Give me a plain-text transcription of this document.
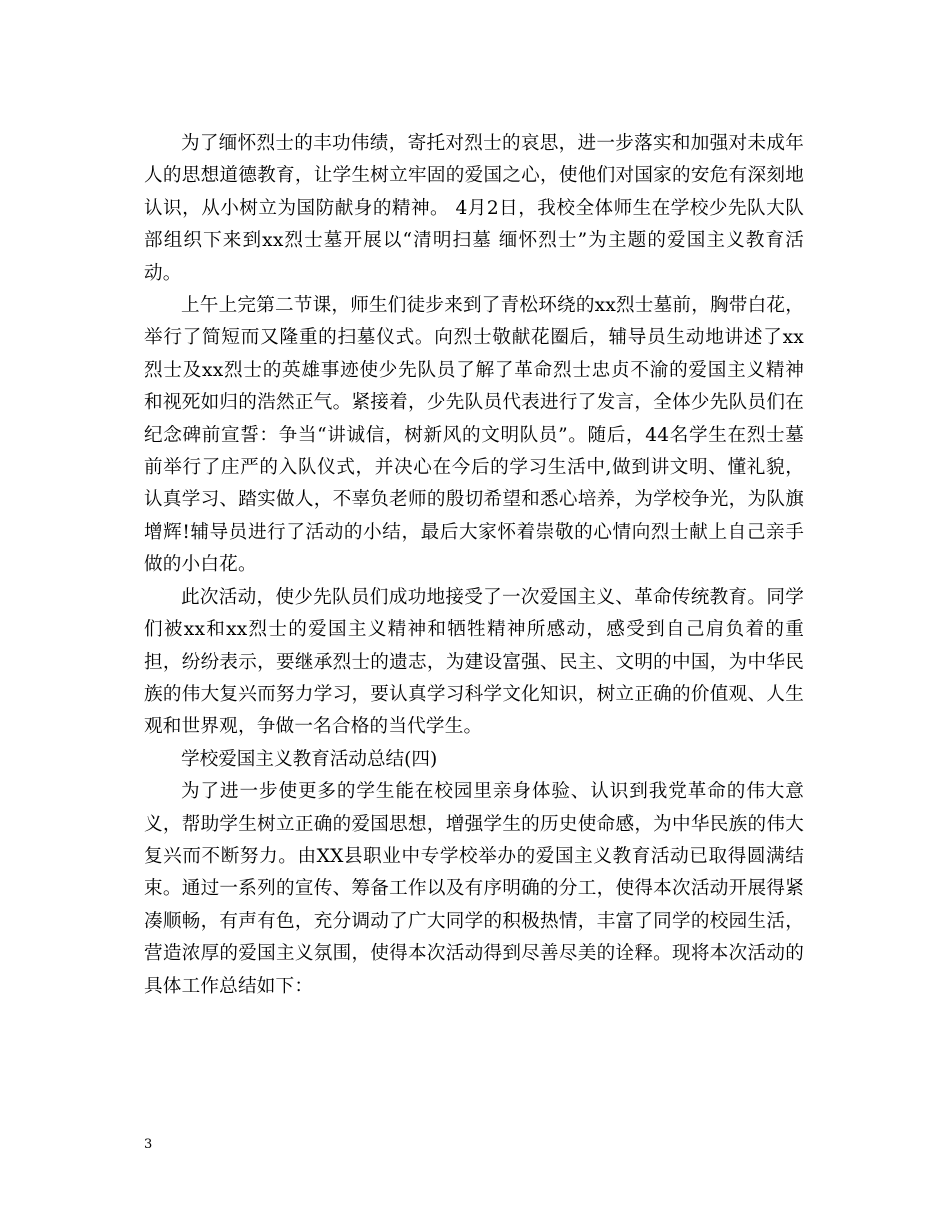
为了缅怀烈士的丰功伟绩，寄托对烈士的哀思，进一步落实和加强对未成年人的思想道德教育，让学生树立牢固的爱国之心，使他们对国家的安危有深刻地认识，从小树立为国防献身的精神。 4月2日，我校全体师生在学校少先队大队部组织下来到xx烈士墓开展以“清明扫墓 缅怀烈士”为主题的爱国主义教育活动。

上午上完第二节课，师生们徒步来到了青松环绕的xx烈士墓前，胸带白花，举行了简短而又隆重的扫墓仪式。向烈士敬献花圈后，辅导员生动地讲述了xx烈士及xx烈士的英雄事迹使少先队员了解了革命烈士忠贞不渝的爱国主义精神和视死如归的浩然正气。紧接着，少先队员代表进行了发言，全体少先队员们在纪念碑前宣誓：争当“讲诚信，树新风的文明队员”。随后，44名学生在烈士墓前举行了庄严的入队仪式，并决心在今后的学习生活中,做到讲文明、懂礼貌，认真学习、踏实做人，不辜负老师的殷切希望和悉心培养，为学校争光，为队旗增辉!辅导员进行了活动的小结，最后大家怀着崇敬的心情向烈士献上自己亲手做的小白花。

此次活动，使少先队员们成功地接受了一次爱国主义、革命传统教育。同学们被xx和xx烈士的爱国主义精神和牺牲精神所感动，感受到自己肩负着的重担，纷纷表示，要继承烈士的遗志，为建设富强、民主、文明的中国，为中华民族的伟大复兴而努力学习，要认真学习科学文化知识，树立正确的价值观、人生观和世界观，争做一名合格的当代学生。

学校爱国主义教育活动总结(四)

为了进一步使更多的学生能在校园里亲身体验、认识到我党革命的伟大意义，帮助学生树立正确的爱国思想，增强学生的历史使命感，为中华民族的伟大复兴而不断努力。由XX县职业中专学校举办的爱国主义教育活动已取得圆满结束。通过一系列的宣传、筹备工作以及有序明确的分工，使得本次活动开展得紧凑顺畅，有声有色，充分调动了广大同学的积极热情，丰富了同学的校园生活，营造浓厚的爱国主义氛围，使得本次活动得到尽善尽美的诠释。现将本次活动的具体工作总结如下：

3
